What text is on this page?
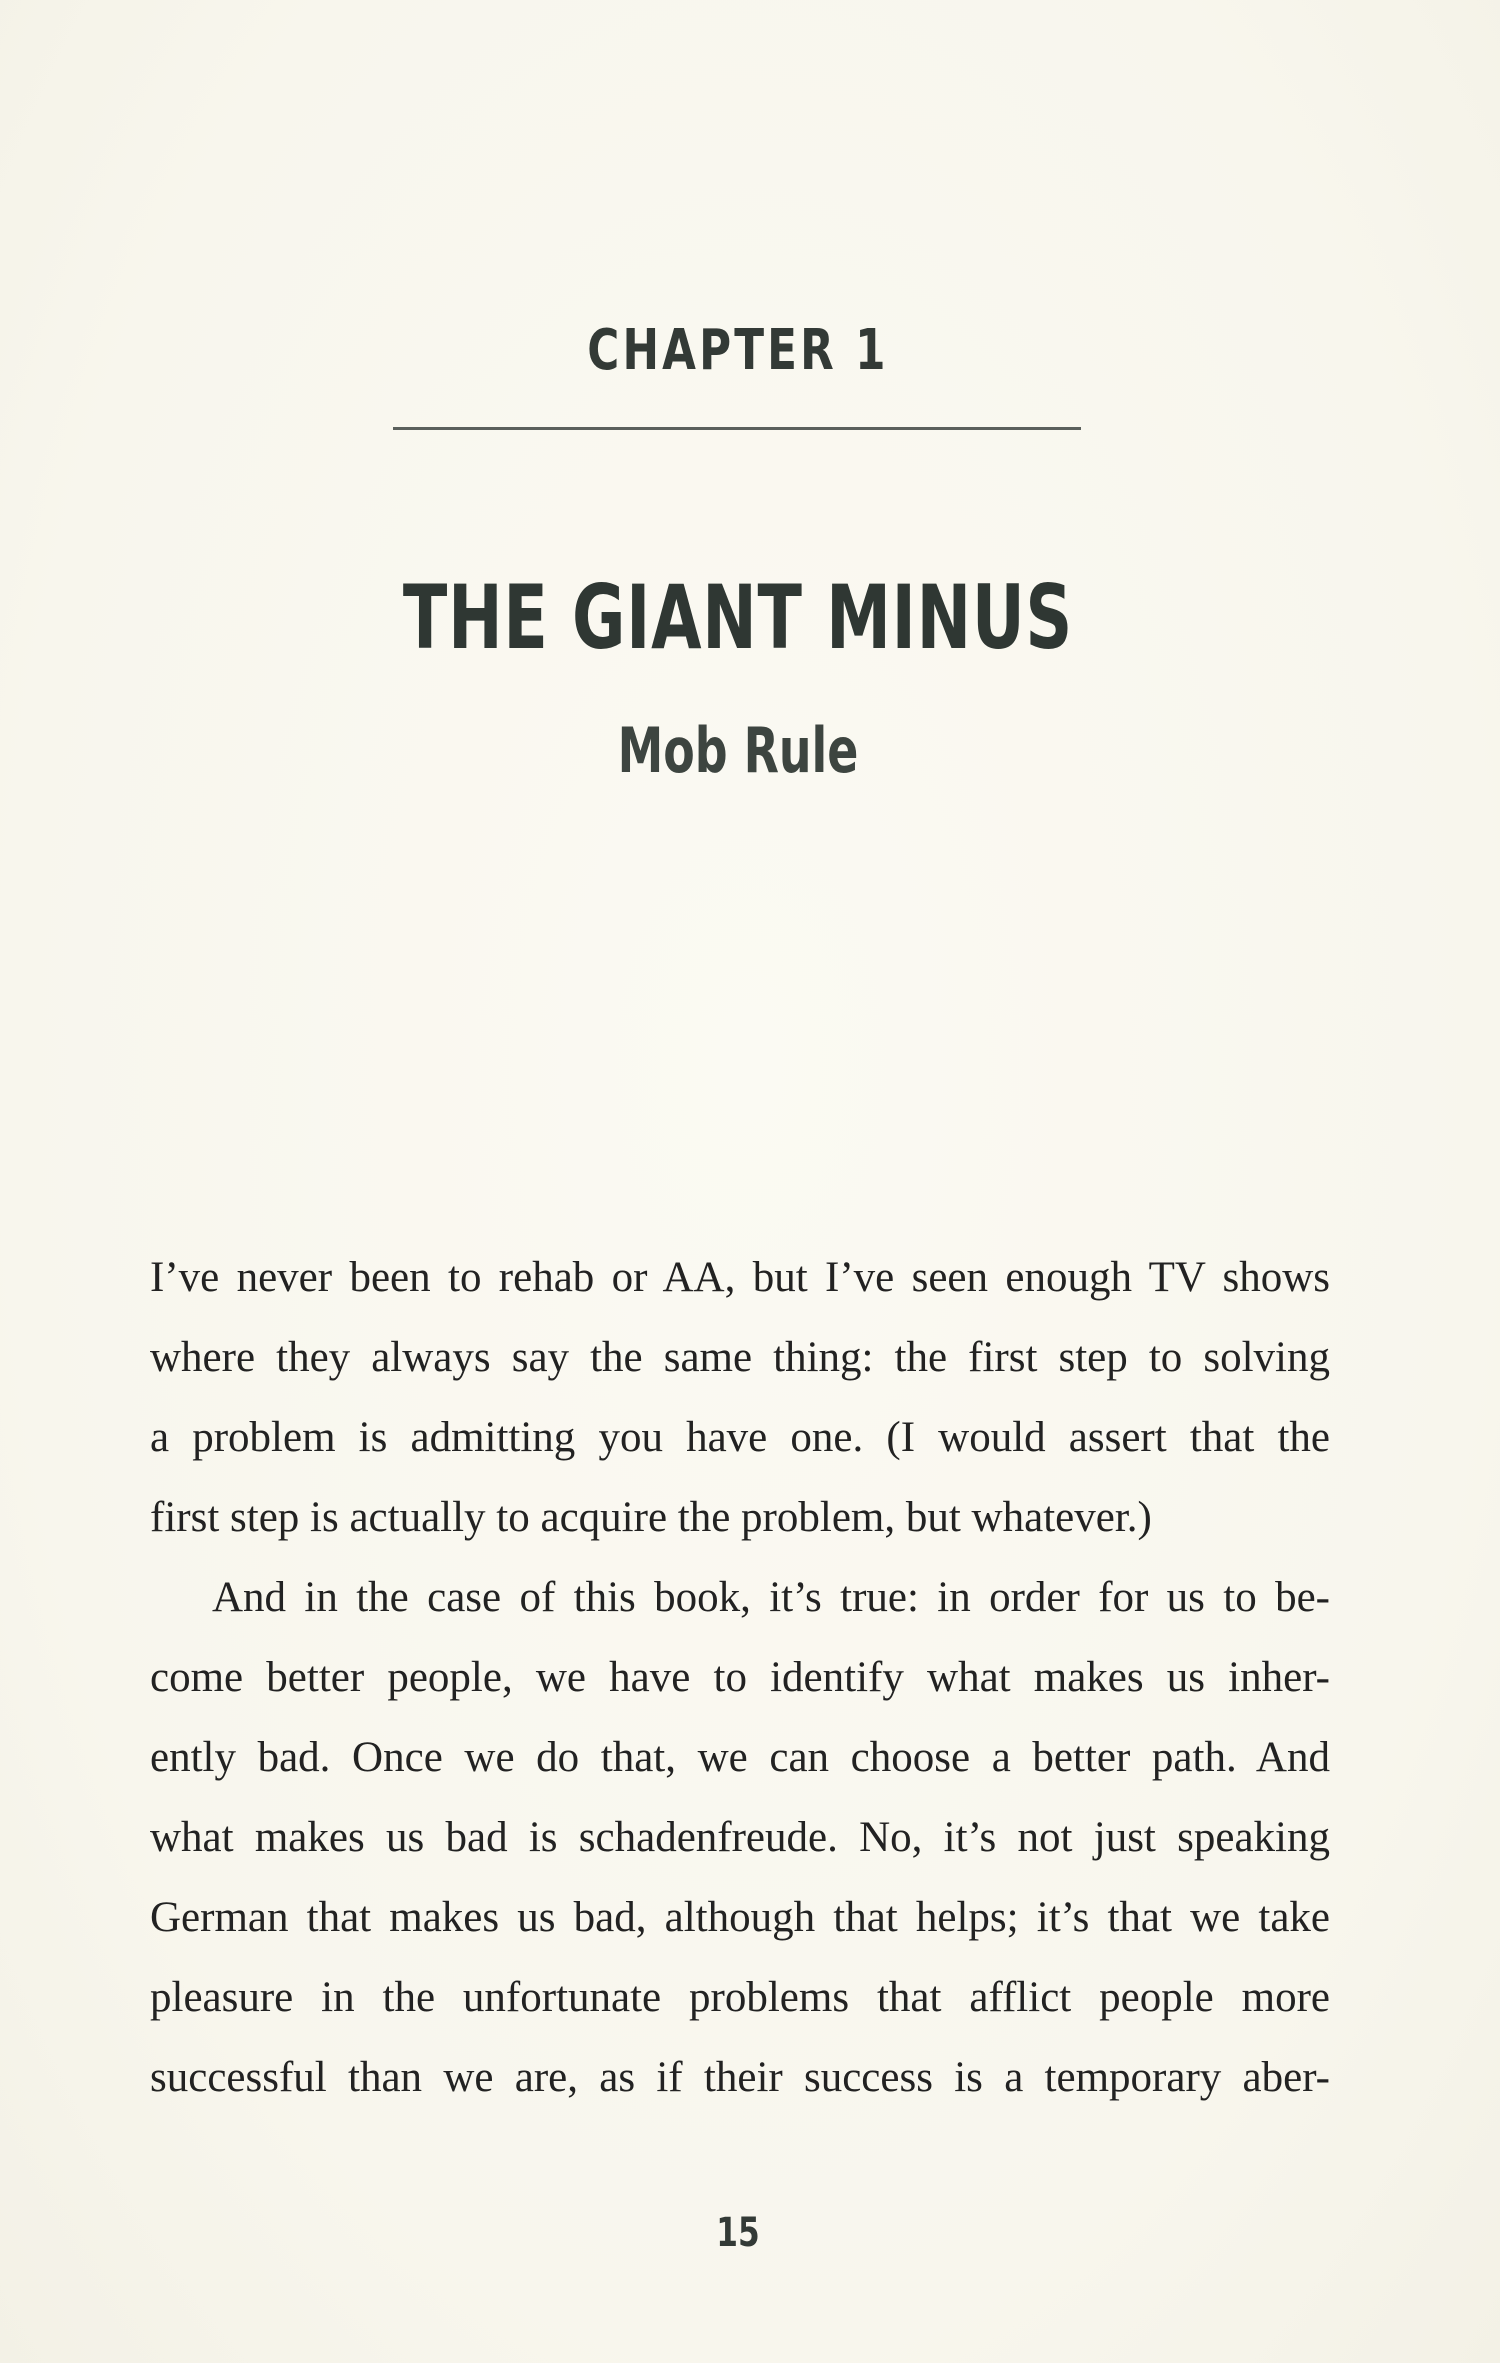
CHAPTER 1
THE GIANT MINUS
Mob Rule
I’ve never been to rehab or AA, but I’ve seen enough TV shows
where they always say the same thing: the first step to solving
a problem is admitting you have one. (I would assert that the
first step is actually to acquire the problem, but whatever.)
And in the case of this book, it’s true: in order for us to be-
come better people, we have to identify what makes us inher-
ently bad. Once we do that, we can choose a better path. And
what makes us bad is schadenfreude. No, it’s not just speaking
German that makes us bad, although that helps; it’s that we take
pleasure in the unfortunate problems that afflict people more
successful than we are, as if their success is a temporary aber-
15
